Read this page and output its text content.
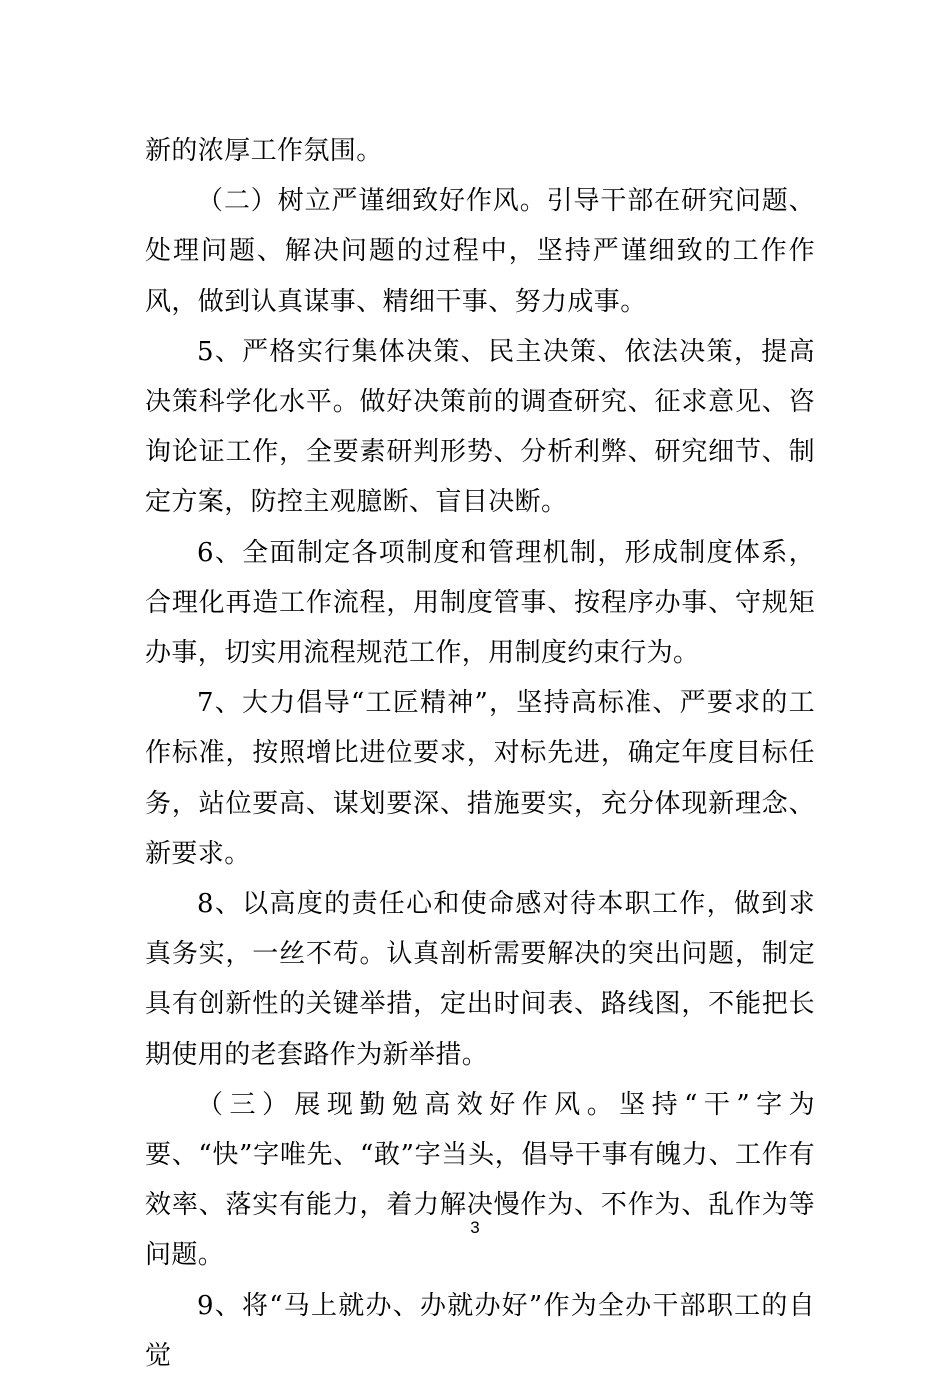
新的浓厚工作氛围。

（二）树立严谨细致好作风。引导干部在研究问题、处理问题、解决问题的过程中，坚持严谨细致的工作作风，做到认真谋事、精细干事、努力成事。

5、严格实行集体决策、民主决策、依法决策，提高决策科学化水平。做好决策前的调查研究、征求意见、咨询论证工作，全要素研判形势、分析利弊、研究细节、制定方案，防控主观臆断、盲目决断。

6、全面制定各项制度和管理机制，形成制度体系，合理化再造工作流程，用制度管事、按程序办事、守规矩办事，切实用流程规范工作，用制度约束行为。

7、大力倡导“工匠精神”，坚持高标准、严要求的工作标准，按照增比进位要求，对标先进，确定年度目标任务，站位要高、谋划要深、措施要实，充分体现新理念、新要求。

8、以高度的责任心和使命感对待本职工作，做到求真务实，一丝不苟。认真剖析需要解决的突出问题，制定具有创新性的关键举措，定出时间表、路线图，不能把长期使用的老套路作为新举措。

（三）展现勤勉高效好作风。坚持“干”字为要、“快”字唯先、“敢”字当头，倡导干事有魄力、工作有效率、落实有能力，着力解决慢作为、不作为、乱作为等问题。

9、将“马上就办、办就办好”作为全办干部职工的自觉

3
